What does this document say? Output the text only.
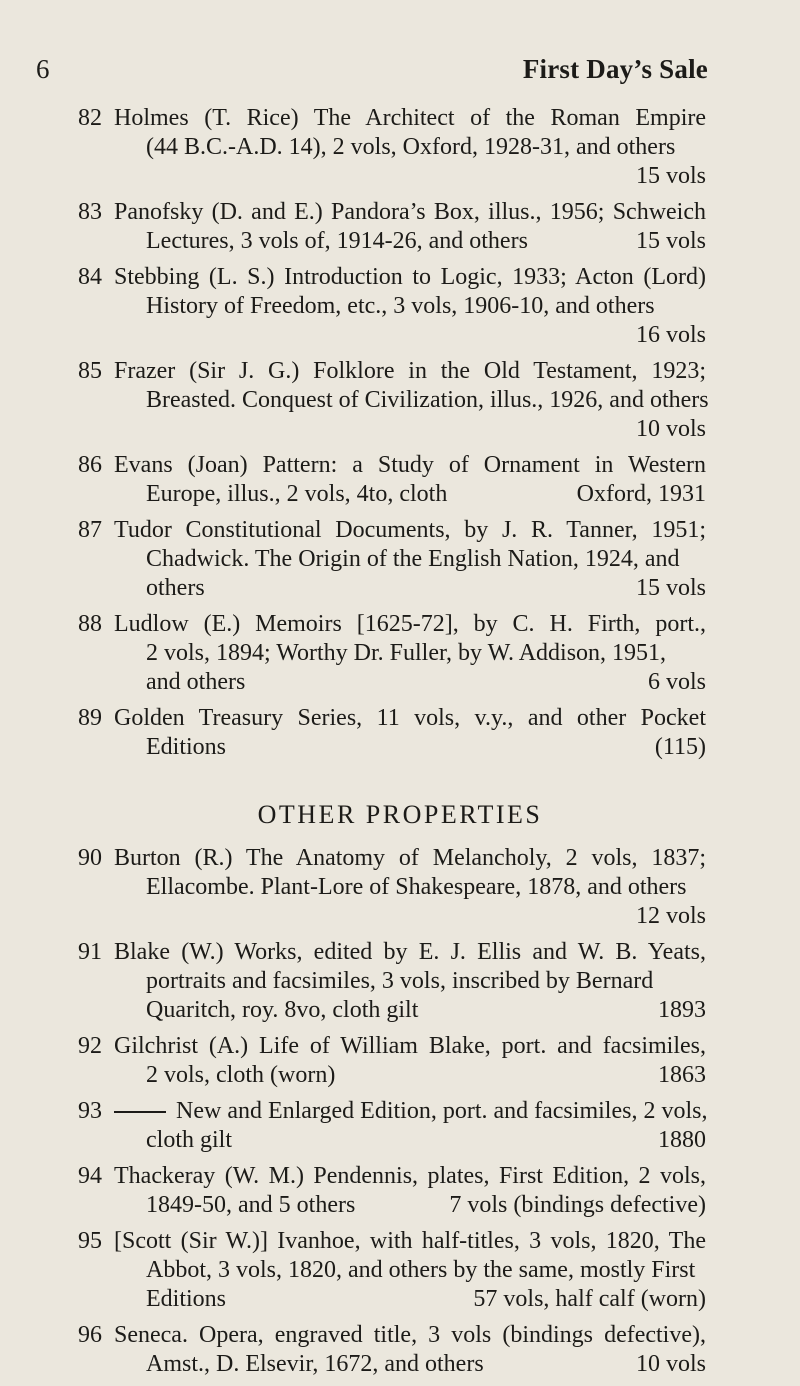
6	First Day’s Sale
82 Holmes (T. Rice) The Architect of the Roman Empire
(44 B.C.-A.D. 14), 2 vols, Oxford, 1928-31, and others
15 vols
83 Panofsky (D. and E.) Pandora’s Box, illus., 1956; Schweich
Lectures, 3 vols of, 1914-26, and others	15 vols
84 Stebbing (L. S.) Introduction to Logic, 1933; Acton (Lord)
History of Freedom, etc., 3 vols, 1906-10, and others
16 vols
85 Frazer (Sir J. G.) Folklore in the Old Testament, 1923;
Breasted. Conquest of Civilization, illus., 1926, and others
10 vols
86 Evans (Joan) Pattern: a Study of Ornament in Western
Europe, illus., 2 vols, 4to, cloth	Oxford, 1931
87 Tudor Constitutional Documents, by J. R. Tanner, 1951;
Chadwick. The Origin of the English Nation, 1924, and
others	15 vols
88 Ludlow (E.) Memoirs [1625-72], by C. H. Firth, port.,
2 vols, 1894; Worthy Dr. Fuller, by W. Addison, 1951,
and others	6 vols
89 Golden Treasury Series, 11 vols, v.y., and other Pocket
Editions	(115)
OTHER PROPERTIES
90 Burton (R.) The Anatomy of Melancholy, 2 vols, 1837;
Ellacombe. Plant-Lore of Shakespeare, 1878, and others
12 vols
91 Blake (W.) Works, edited by E. J. Ellis and W. B. Yeats,
portraits and facsimiles, 3 vols, inscribed by Bernard
Quaritch, roy. 8vo, cloth gilt	1893
92 Gilchrist (A.) Life of William Blake, port. and facsimiles,
2 vols, cloth (worn)	1863
93	New and Enlarged Edition, port. and facsimiles, 2 vols,
cloth gilt	1880
94 Thackeray (W. M.) Pendennis, plates, First Edition, 2 vols,
1849-50, and 5 others	7 vols (bindings defective)
95 [Scott (Sir W.)] Ivanhoe, with half-titles, 3 vols, 1820, The
Abbot, 3 vols, 1820, and others by the same, mostly First
Editions	57 vols, half calf (worn)
96 Seneca. Opera, engraved title, 3 vols (bindings defective),
Amst., D. Elsevir, 1672, and others	10 vols
